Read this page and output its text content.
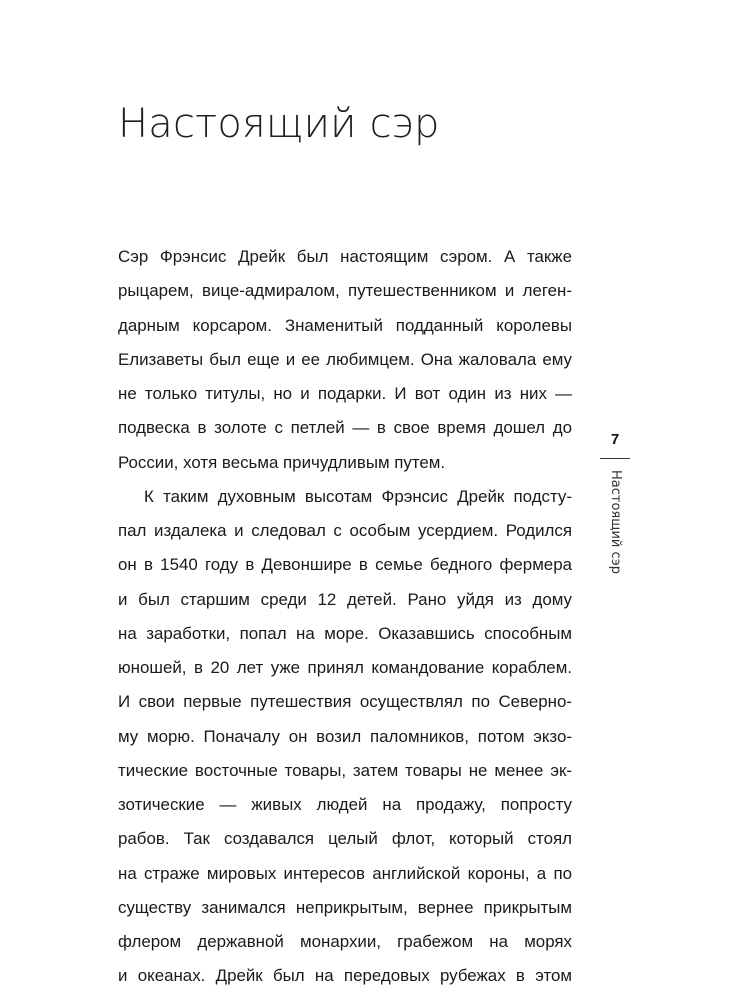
Настоящий сэр
Сэр Фрэнсис Дрейк был настоящим сэром. А также
рыцарем, вице-адмиралом, путешественником и леген-
дарным корсаром. Знаменитый подданный королевы
Елизаветы был еще и ее любимцем. Она жаловала ему
не только титулы, но и подарки. И вот один из них —
подвеска в золоте с петлей — в свое время дошел до
России, хотя весьма причудливым путем.
К таким духовным высотам Фрэнсис Дрейк подсту-
пал издалека и следовал с особым усердием. Родился
он в 1540 году в Девоншире в семье бедного фермера
и был старшим среди 12 детей. Рано уйдя из дому
на заработки, попал на море. Оказавшись способным
юношей, в 20 лет уже принял командование кораблем.
И свои первые путешествия осуществлял по Северно-
му морю. Поначалу он возил паломников, потом экзо-
тические восточные товары, затем товары не менее эк-
зотические — живых людей на продажу, попросту
рабов. Так создавался целый флот, который стоял
на страже мировых интересов английской короны, а по
существу занимался неприкрытым, вернее прикрытым
флером державной монархии, грабежом на морях
и океанах. Дрейк был на передовых рубежах в этом
7
Настоящий сэр
